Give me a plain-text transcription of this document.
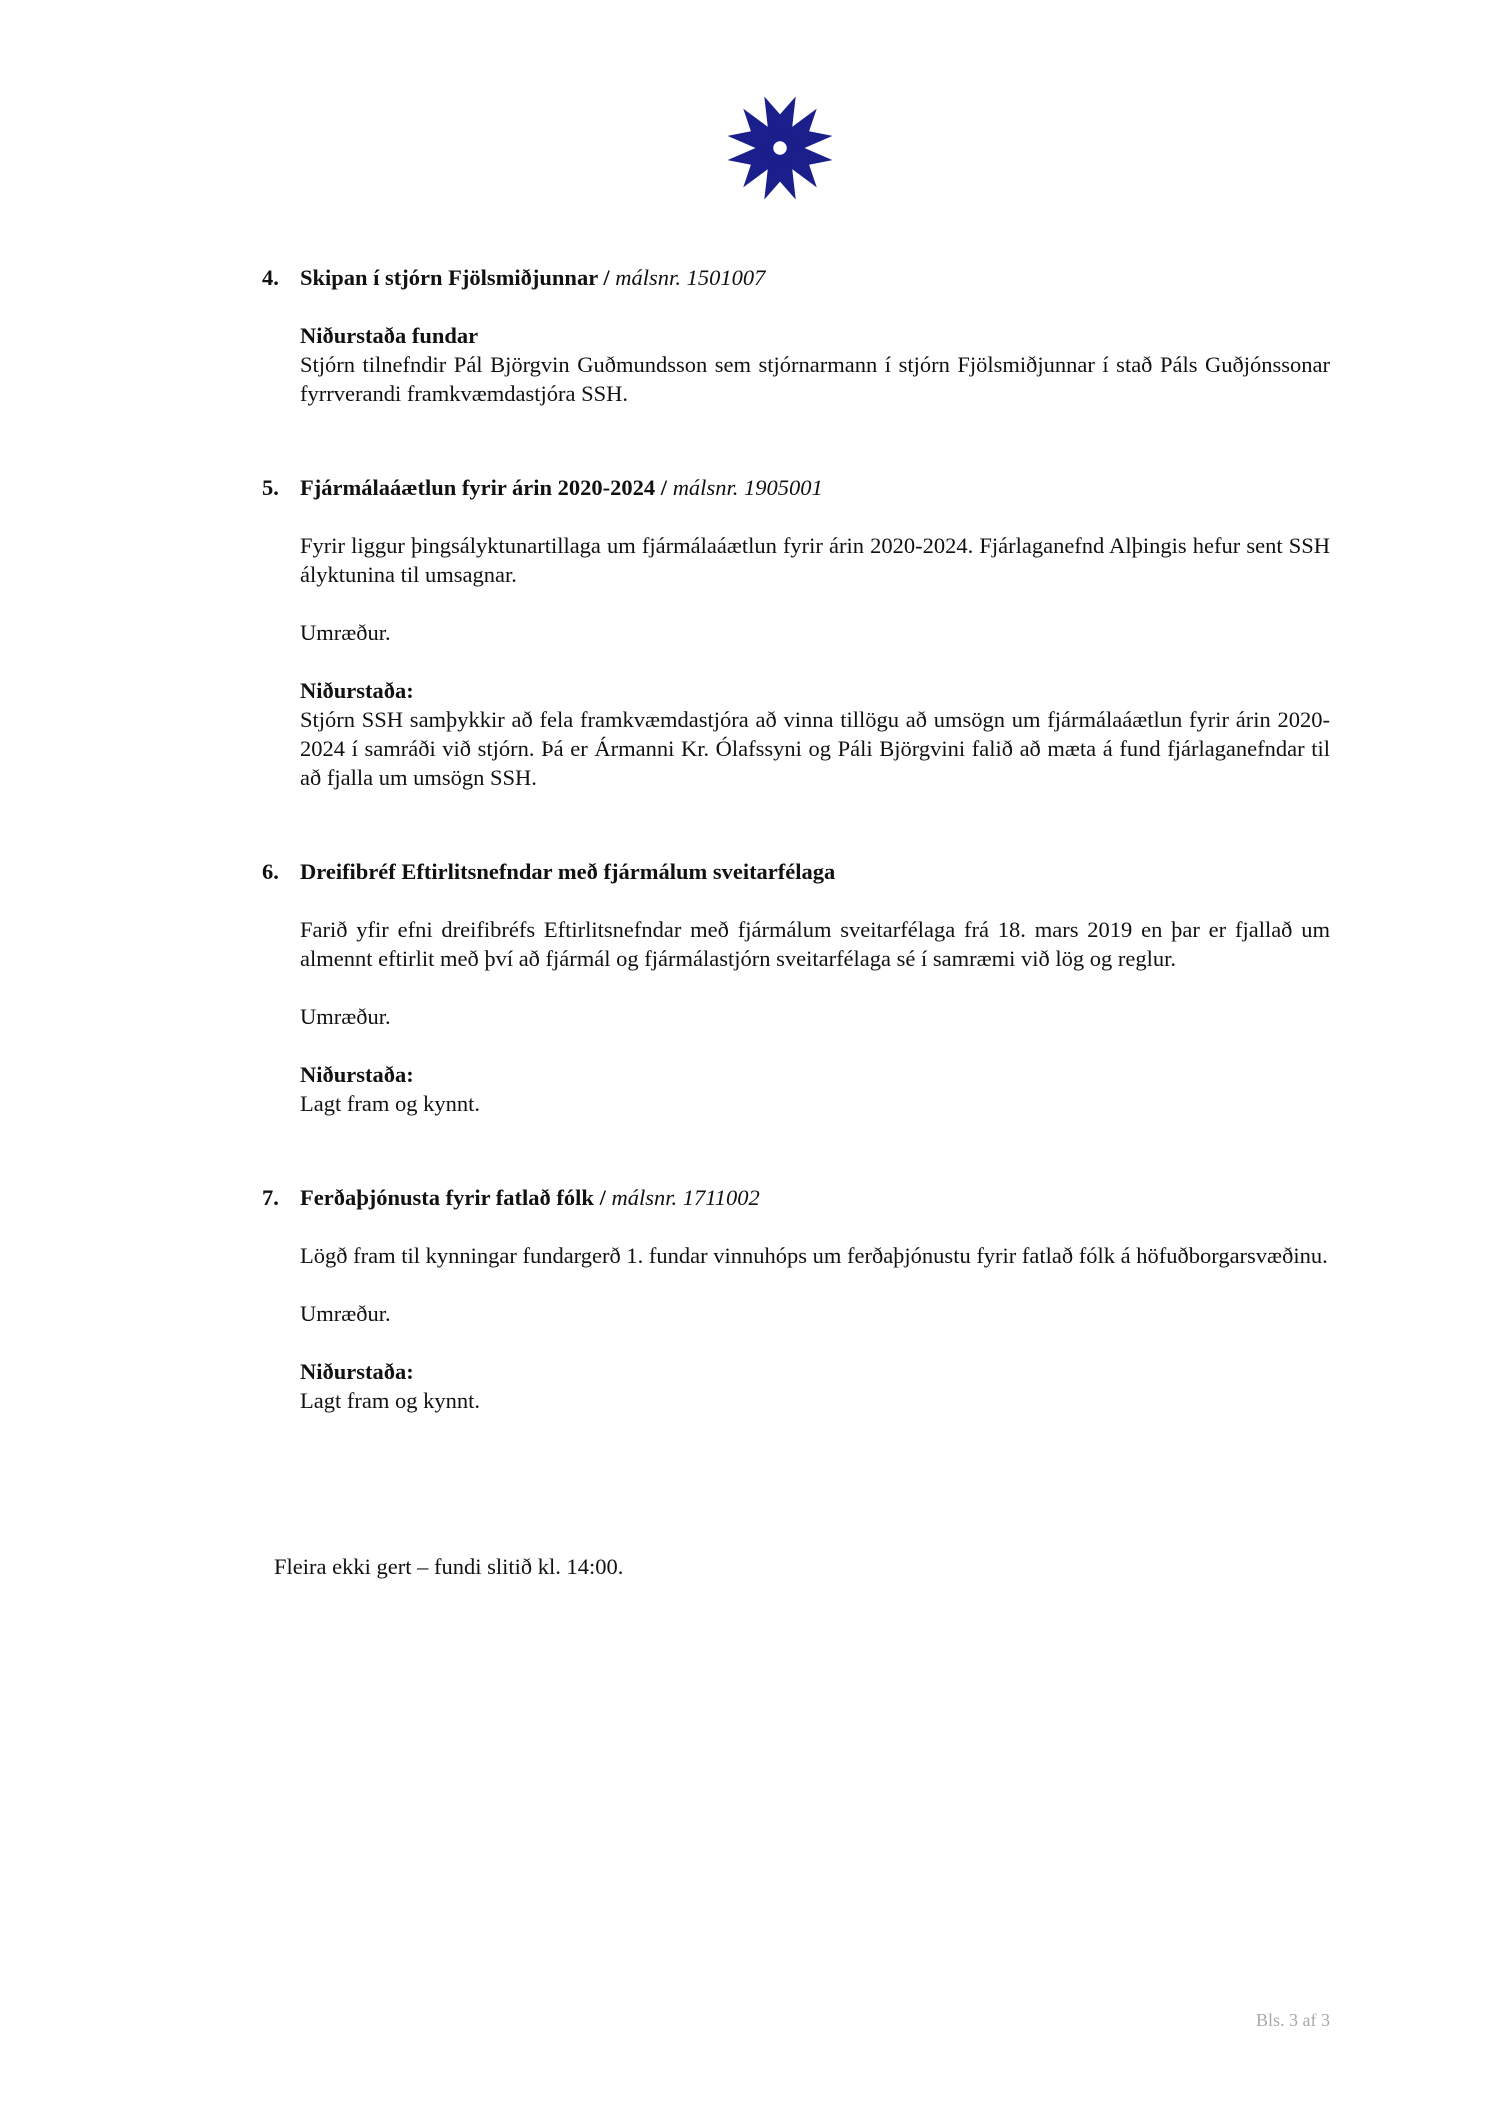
4. Skipan í stjórn Fjölsmiðjunnar / málsnr. 1501007
Niðurstaða fundar
Stjórn tilnefndir Pál Björgvin Guðmundsson sem stjórnarmann í stjórn Fjölsmiðjunnar í stað Páls Guðjónssonar fyrrverandi framkvæmdastjóra SSH.
5. Fjármálaáætlun fyrir árin 2020-2024 / málsnr. 1905001
Fyrir liggur þingsályktunartillaga um fjármálaáætlun fyrir árin 2020-2024. Fjárlaganefnd Alþingis hefur sent SSH ályktunina til umsagnar.
Umræður.
Niðurstaða:
Stjórn SSH samþykkir að fela framkvæmdastjóra að vinna tillögu að umsögn um fjármálaáætlun fyrir árin 2020-2024 í samráði við stjórn. Þá er Ármanni Kr. Ólafssyni og Páli Björgvini falið að mæta á fund fjárlaganefndar til að fjalla um umsögn SSH.
6. Dreifibréf Eftirlitsnefndar með fjármálum sveitarfélaga
Farið yfir efni dreifibréfs Eftirlitsnefndar með fjármálum sveitarfélaga frá 18. mars 2019 en þar er fjallað um almennt eftirlit með því að fjármál og fjármálastjórn sveitarfélaga sé í samræmi við lög og reglur.
Umræður.
Niðurstaða:
Lagt fram og kynnt.
7. Ferðaþjónusta fyrir fatlað fólk / málsnr. 1711002
Lögð fram til kynningar fundargerð 1. fundar vinnuhóps um ferðaþjónustu fyrir fatlað fólk á höfuðborgarsvæðinu.
Umræður.
Niðurstaða:
Lagt fram og kynnt.
Fleira ekki gert – fundi slitið kl. 14:00.
Bls. 3 af 3
